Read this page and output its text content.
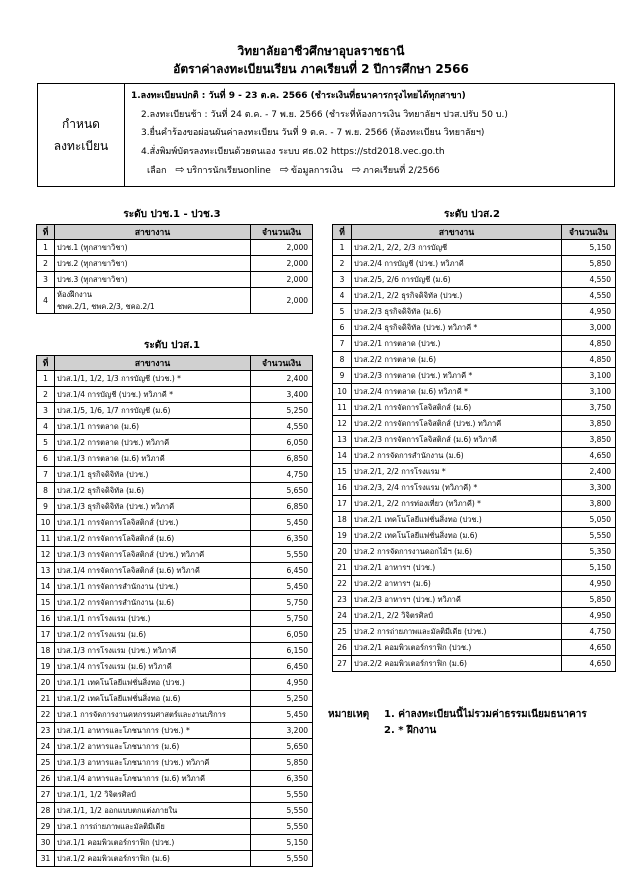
วิทยาลัยอาชีวศึกษาอุบลราชธานี
อัตราค่าลงทะเบียนเรียน ภาคเรียนที่ 2 ปีการศึกษา 2566
กำหนด
ลงทะเบียน
1.ลงทะเบียนปกติ : วันที่ 9 - 23 ต.ค. 2566 (ชำระเงินที่ธนาคารกรุงไทยได้ทุกสาขา)
2.ลงทะเบียนช้า : วันที่ 24 ต.ค. - 7 พ.ย. 2566 (ชำระที่ห้องการเงิน วิทยาลัยฯ ปวส.ปรับ 50 บ.)
3.ยื่นคำร้องขอผ่อนผันค่าลงทะเบียน วันที่ 9 ต.ค. - 7 พ.ย. 2566 (ห้องทะเบียน วิทยาลัยฯ)
4.สั่งพิมพ์บัตรลงทะเบียนด้วยตนเอง ระบบ ศธ.02 https://std2018.vec.go.th
เลือก ⇨ บริการนักเรียนonline ⇨ ข้อมูลการเงิน ⇨ ภาคเรียนที่ 2/2566
ระดับ ปวช.1 - ปวช.3
ที่	สาขางาน	จำนวนเงิน
1	ปวช.1 (ทุกสาขาวิชา)	2,000
2	ปวช.2 (ทุกสาขาวิชา)	2,000
3	ปวช.3 (ทุกสาขาวิชา)	2,000
4	ห้องฝึกงาน
ชพค.2/1, ชพค.2/3, ชคอ.2/1	2,000
ระดับ ปวส.1
ที่	สาขางาน	จำนวนเงิน
1	ปวส.1/1, 1/2, 1/3 การบัญชี (ปวช.) *	2,400
2	ปวส.1/4 การบัญชี (ปวช.) ทวิภาคี *	3,400
3	ปวส.1/5, 1/6, 1/7 การบัญชี (ม.6)	5,250
4	ปวส.1/1 การตลาด (ม.6)	4,550
5	ปวส.1/2 การตลาด (ปวช.) ทวิภาคี	6,050
6	ปวส.1/3 การตลาด (ม.6) ทวิภาคี	6,850
7	ปวส.1/1 ธุรกิจดิจิทัล (ปวช.)	4,750
8	ปวส.1/2 ธุรกิจดิจิทัล (ม.6)	5,650
9	ปวส.1/3 ธุรกิจดิจิทัล (ปวช.) ทวิภาคี	6,850
10	ปวส.1/1 การจัดการโลจิสติกส์ (ปวช.)	5,450
11	ปวส.1/2 การจัดการโลจิสติกส์ (ม.6)	6,350
12	ปวส.1/3 การจัดการโลจิสติกส์ (ปวช.) ทวิภาคี	5,550
13	ปวส.1/4 การจัดการโลจิสติกส์ (ม.6) ทวิภาคี	6,450
14	ปวส.1/1 การจัดการสำนักงาน (ปวช.)	5,450
15	ปวส.1/2 การจัดการสำนักงาน (ม.6)	5,750
16	ปวส.1/1 การโรงแรม (ปวช.)	5,750
17	ปวส.1/2 การโรงแรม (ม.6)	6,050
18	ปวส.1/3 การโรงแรม (ปวช.) ทวิภาคี	6,150
19	ปวส.1/4 การโรงแรม (ม.6) ทวิภาคี	6,450
20	ปวส.1/1 เทคโนโลยีแฟชั่นสิ่งทอ (ปวช.)	4,950
21	ปวส.1/2 เทคโนโลยีแฟชั่นสิ่งทอ (ม.6)	5,250
22	ปวส.1 การจัดการงานคหกรรมศาสตร์และงานบริการ	5,450
23	ปวส.1/1 อาหารและโภชนาการ (ปวช.) *	3,200
24	ปวส.1/2 อาหารและโภชนาการ (ม.6)	5,650
25	ปวส.1/3 อาหารและโภชนาการ (ปวช.) ทวิภาคี	5,850
26	ปวส.1/4 อาหารและโภชนาการ (ม.6) ทวิภาคี	6,350
27	ปวส.1/1, 1/2 วิจิตรศิลป์	5,550
28	ปวส.1/1, 1/2 ออกแบบตกแต่งภายใน	5,550
29	ปวส.1 การถ่ายภาพและมัลติมีเดีย	5,550
30	ปวส.1/1 คอมพิวเตอร์กราฟิก (ปวช.)	5,150
31	ปวส.1/2 คอมพิวเตอร์กราฟิก (ม.6)	5,550
ระดับ ปวส.2
ที่	สาขางาน	จำนวนเงิน
1	ปวส.2/1, 2/2, 2/3 การบัญชี	5,150
2	ปวส.2/4 การบัญชี (ปวช.) ทวิภาคี	5,850
3	ปวส.2/5, 2/6 การบัญชี (ม.6)	4,550
4	ปวส.2/1, 2/2 ธุรกิจดิจิทัล (ปวช.)	4,550
5	ปวส.2/3 ธุรกิจดิจิทัล (ม.6)	4,950
6	ปวส.2/4 ธุรกิจดิจิทัล (ปวช.) ทวิภาคี *	3,000
7	ปวส.2/1 การตลาด (ปวช.)	4,850
8	ปวส.2/2 การตลาด (ม.6)	4,850
9	ปวส.2/3 การตลาด (ปวช.) ทวิภาคี *	3,100
10	ปวส.2/4 การตลาด (ม.6) ทวิภาคี *	3,100
11	ปวส.2/1 การจัดการโลจิสติกส์ (ม.6)	3,750
12	ปวส.2/2 การจัดการโลจิสติกส์ (ปวช.) ทวิภาคี	3,850
13	ปวส.2/3 การจัดการโลจิสติกส์ (ม.6) ทวิภาคี	3,850
14	ปวส.2 การจัดการสำนักงาน (ม.6)	4,650
15	ปวส.2/1, 2/2 การโรงแรม *	2,400
16	ปวส.2/3, 2/4 การโรงแรม (ทวิภาคี) *	3,300
17	ปวส.2/1, 2/2 การท่องเที่ยว (ทวิภาคี) *	3,800
18	ปวส.2/1 เทคโนโลยีแฟชั่นสิ่งทอ (ปวช.)	5,050
19	ปวส.2/2 เทคโนโลยีแฟชั่นสิ่งทอ (ม.6)	5,550
20	ปวส.2 การจัดการงานดอกไม้ฯ (ม.6)	5,350
21	ปวส.2/1 อาหารฯ (ปวช.)	5,150
22	ปวส.2/2 อาหารฯ (ม.6)	4,950
23	ปวส.2/3 อาหารฯ (ปวช.) ทวิภาคี	5,850
24	ปวส.2/1, 2/2 วิจิตรศิลป์	4,950
25	ปวส.2 การถ่ายภาพและมัลติมีเดีย (ปวช.)	4,750
26	ปวส.2/1 คอมพิวเตอร์กราฟิก (ปวช.)	4,650
27	ปวส.2/2 คอมพิวเตอร์กราฟิก (ม.6)	4,650
หมายเหตุ 1. ค่าลงทะเบียนนี้ไม่รวมค่าธรรมเนียมธนาคาร
2. * ฝึกงาน
